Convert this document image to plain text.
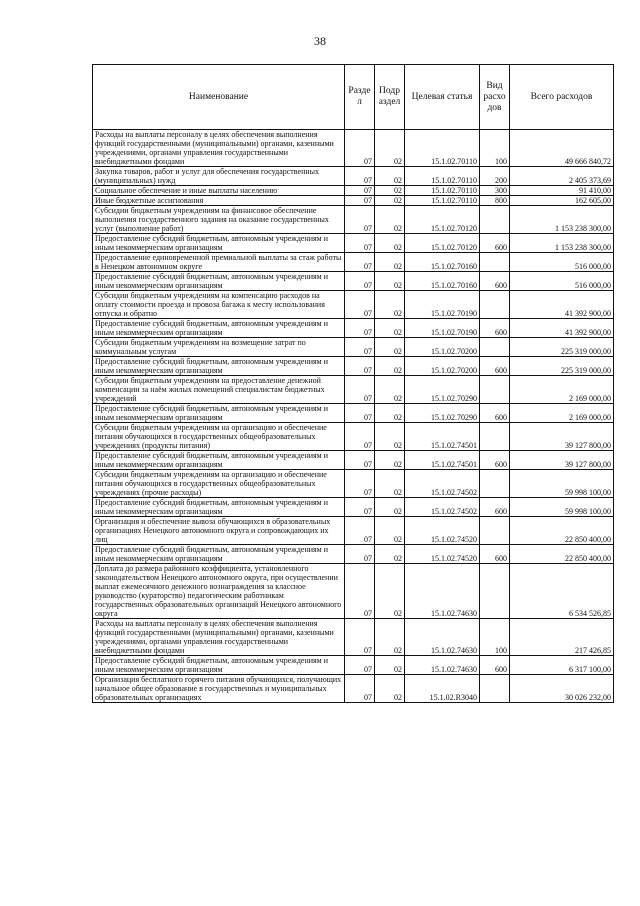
38
Наименование	Разде л	Подр аздел	Целевая статья	Вид расхо дов	Всего расходов
Расходы на выплаты персоналу в целях обеспечения выполнения функций государственными (муниципальными) органами, казенными учреждениями, органами управления государственными внебюджетными фондами	07	02	15.1.02.70110	100	49 666 840,72
Закупка товаров, работ и услуг для обеспечения государственных (муниципальных) нужд	07	02	15.1.02.70110	200	2 405 373,69
Социальное обеспечение и иные выплаты населению	07	02	15.1.02.70110	300	91 410,00
Иные бюджетные ассигнования	07	02	15.1.02.70110	800	162 605,00
Субсидии бюджетным учреждениям на финансовое обеспечение выполнения государственного задания на оказание государственных услуг (выполнение работ)	07	02	15.1.02.70120		1 153 238 300,00
Предоставление субсидий бюджетным, автономным учреждениям и иным некоммерческим организациям	07	02	15.1.02.70120	600	1 153 238 300,00
Предоставление единовременной премиальной выплаты за стаж работы в Ненецком автономном округе	07	02	15.1.02.70160		516 000,00
Предоставление субсидий бюджетным, автономным учреждениям и иным некоммерческим организациям	07	02	15.1.02.70160	600	516 000,00
Субсидии бюджетным учреждениям на компенсацию расходов на оплату стоимости проезда и провоза багажа к месту использования отпуска и обратно	07	02	15.1.02.70190		41 392 900,00
Предоставление субсидий бюджетным, автономным учреждениям и иным некоммерческим организациям	07	02	15.1.02.70190	600	41 392 900,00
Субсидии бюджетным учреждениям на возмещение затрат по коммунальным услугам	07	02	15.1.02.70200		225 319 000,00
Предоставление субсидий бюджетным, автономным учреждениям и иным некоммерческим организациям	07	02	15.1.02.70200	600	225 319 000,00
Субсидии бюджетным учреждениям на предоставление денежной компенсации за наём жилых помещений специалистам бюджетных учреждений	07	02	15.1.02.70290		2 169 000,00
Предоставление субсидий бюджетным, автономным учреждениям и иным некоммерческим организациям	07	02	15.1.02.70290	600	2 169 000,00
Субсидии бюджетным учреждениям на организацию и обеспечение питания обучающихся в государственных общеобразовательных учреждениях (продукты питания)	07	02	15.1.02.74501		39 127 800,00
Предоставление субсидий бюджетным, автономным учреждениям и иным некоммерческим организациям	07	02	15.1.02.74501	600	39 127 800,00
Субсидии бюджетным учреждениям на организацию и обеспечение питания обучающихся в государственных общеобразовательных учреждениях (прочие расходы)	07	02	15.1.02.74502		59 998 100,00
Предоставление субсидий бюджетным, автономным учреждениям и иным некоммерческим организациям	07	02	15.1.02.74502	600	59 998 100,00
Организация и обеспечение вывоза обучающихся в образовательных организациях Ненецкого автономного округа и сопровождающих их лиц	07	02	15.1.02.74520		22 850 400,00
Предоставление субсидий бюджетным, автономным учреждениям и иным некоммерческим организациям	07	02	15.1.02.74520	600	22 850 400,00
Доплата до размера районного коэффициента, установленного законодательством Ненецкого автономного округа, при осуществлении выплат ежемесячного денежного вознаграждения за классное руководство (кураторство) педагогическим работникам государственных образовательных организаций Ненецкого автономного округа	07	02	15.1.02.74630		6 534 526,85
Расходы на выплаты персоналу в целях обеспечения выполнения функций государственными (муниципальными) органами, казенными учреждениями, органами управления государственными внебюджетными фондами	07	02	15.1.02.74630	100	217 426,85
Предоставление субсидий бюджетным, автономным учреждениям и иным некоммерческим организациям	07	02	15.1.02.74630	600	6 317 100,00
Организация бесплатного горячего питания обучающихся, получающих начальное общее образование в государственных и муниципальных образовательных организациях	07	02	15.1.02.R3040		30 026 232,00
